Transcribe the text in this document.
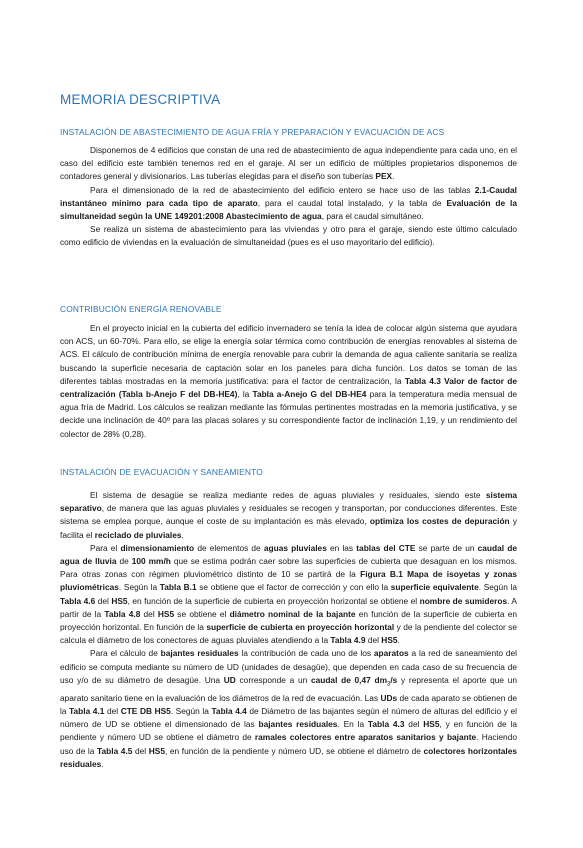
MEMORIA DESCRIPTIVA
INSTALACIÓN DE ABASTECIMIENTO DE AGUA FRÍA Y PREPARACIÓN Y EVACUACIÓN DE ACS

Disponemos de 4 edificios que constan de una red de abastecimiento de agua independiente para cada uno, en el caso del edificio este también tenemos red en el garaje. Al ser un edificio de múltiples propietarios disponemos de contadores general y divisionarios. Las tuberías elegidas para el diseño son tuberías PEX.

Para el dimensionado de la red de abastecimiento del edificio entero se hace uso de las tablas 2.1-Caudal instantáneo mínimo para cada tipo de aparato, para el caudal total instalado, y la tabla de Evaluación de la simultaneidad según la UNE 149201:2008 Abastecimiento de agua, para el caudal simultáneo.

Se realiza un sistema de abastecimiento para las viviendas y otro para el garaje, siendo este último calculado como edificio de viviendas en la evaluación de simultaneidad (pues es el uso mayoritario del edificio).

CONTRIBUCIÓN ENERGÍA RENOVABLE

En el proyecto inicial en la cubierta del edificio invernadero se tenía la idea de colocar algún sistema que ayudara con ACS, un 60-70%. Para ello, se elige la energía solar térmica como contribución de energías renovables al sistema de ACS. El cálculo de contribución mínima de energía renovable para cubrir la demanda de agua caliente sanitaria se realiza buscando la superficie necesaria de captación solar en los paneles para dicha función. Los datos se toman de las diferentes tablas mostradas en la memoria justificativa: para el factor de centralización, la Tabla 4.3 Valor de factor de centralización (Tabla b-Anejo F del DB-HE4), la Tabla a-Anejo G del DB-HE4 para la temperatura media mensual de agua fría de Madrid. Los cálculos se realizan mediante las fórmulas pertinentes mostradas en la memoria justificativa, y se decide una inclinación de 40º para las placas solares y su correspondiente factor de inclinación 1,19, y un rendimiento del colector de 28% (0,28).

INSTALACIÓN DE EVACUACIÓN Y SANEAMIENTO

El sistema de desagüe se realiza mediante redes de aguas pluviales y residuales, siendo este sistema separativo, de manera que las aguas pluviales y residuales se recogen y transportan, por conducciones diferentes. Este sistema se emplea porque, aunque el coste de su implantación es más elevado, optimiza los costes de depuración y facilita el reciclado de pluviales.

Para el dimensionamiento de elementos de aguas pluviales en las tablas del CTE se parte de un caudal de agua de lluvia de 100 mm/h que se estima podrán caer sobre las superficies de cubierta que desaguan en los mismos. Para otras zonas con régimen pluviométrico distinto de 10 se partirá de la Figura B.1 Mapa de isoyetas y zonas pluviométricas. Según la Tabla B.1 se obtiene que el factor de corrección y con ello la superficie equivalente. Según la Tabla 4.6 del HS5, en función de la superficie de cubierta en proyección horizontal se obtiene el nombre de sumideros. A partir de la Tabla 4.8 del HS5 se obtiene el diámetro nominal de la bajante en función de la superficie de cubierta en proyección horizontal. En función de la superficie de cubierta en proyección horizontal y de la pendiente del colector se calcula el diámetro de los conectores de aguas pluviales atendiendo a la Tabla 4.9 del HS5.

Para el cálculo de bajantes residuales la contribución de cada uno de los aparatos a la red de saneamiento del edificio se computa mediante su número de UD (unidades de desagüe), que dependen en cada caso de su frecuencia de uso y/o de su diámetro de desagüe. Una UD corresponde a un caudal de 0,47 $dm_3/s$ y representa el aporte que un aparato sanitario tiene en la evaluación de los diámetros de la red de evacuación. Las UDs de cada aparato se obtienen de la Tabla 4.1 del CTE DB HS5. Según la Tabla 4.4 de Diámetro de las bajantes según el número de alturas del edificio y el número de UD se obtiene el dimensionado de las bajantes residuales. En la Tabla 4.3 del HS5, y en función de la pendiente y número UD se obtiene el diámetro de ramales colectores entre aparatos sanitarios y bajante. Haciendo uso de la Tabla 4.5 del HS5, en función de la pendiente y número UD, se obtiene el diámetro de colectores horizontales residuales.
